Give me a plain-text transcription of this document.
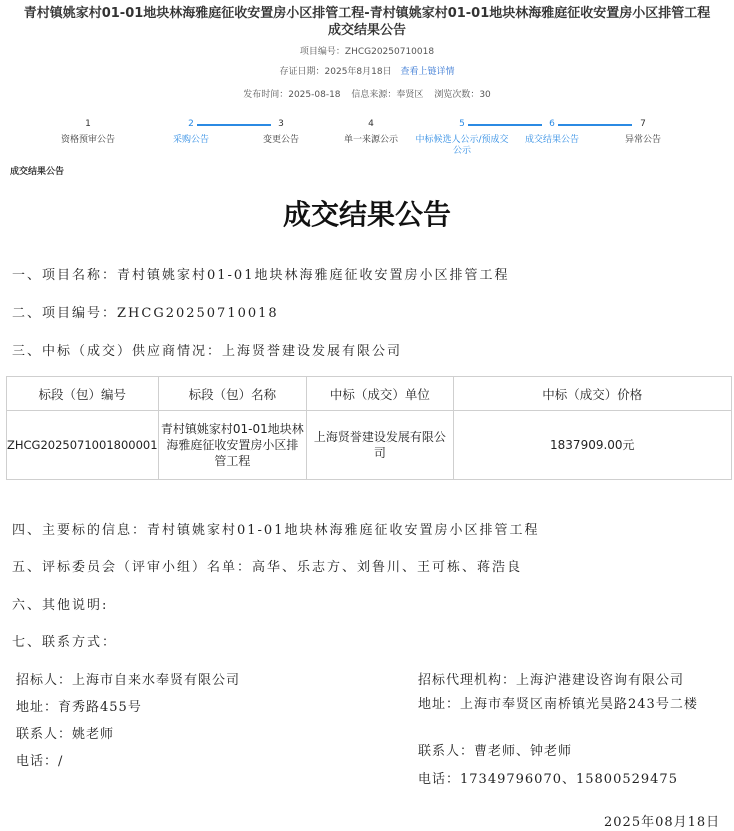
青村镇姚家村01-01地块林海雅庭征收安置房小区排管工程-青村镇姚家村01-01地块林海雅庭征收安置房小区排管工程成交结果公告
项目编号：ZHCG20250710018
存证日期：2025年8月18日 查看上链详情
发布时间：2025-08-18 信息来源：奉贤区 浏览次数：30
1
资格预审公告
2
采购公告
3
变更公告
4
单一来源公示
5
中标候选人公示/预成交公示
6
成交结果公告
7
异常公告
成交结果公告
成交结果公告
一、项目名称：青村镇姚家村01-01地块林海雅庭征收安置房小区排管工程
二、项目编号：ZHCG20250710018
三、中标（成交）供应商情况：上海贤誉建设发展有限公司
标段（包）编号	标段（包）名称	中标（成交）单位	中标（成交）价格
ZHCG2025071001800001	青村镇姚家村01-01地块林海雅庭征收安置房小区排管工程	上海贤誉建设发展有限公司	1837909.00元
四、主要标的信息：青村镇姚家村01-01地块林海雅庭征收安置房小区排管工程
五、评标委员会（评审小组）名单：高华、乐志方、刘鲁川、王可栋、蒋浩良
六、其他说明:
七、联系方式：
招标人：上海市自来水奉贤有限公司
地址：育秀路455号
联系人：姚老师
电话：/
招标代理机构：上海沪港建设咨询有限公司
地址：上海市奉贤区南桥镇光昊路243号二楼
联系人：曹老师、钟老师
电话：17349796070、15800529475
2025年08月18日
